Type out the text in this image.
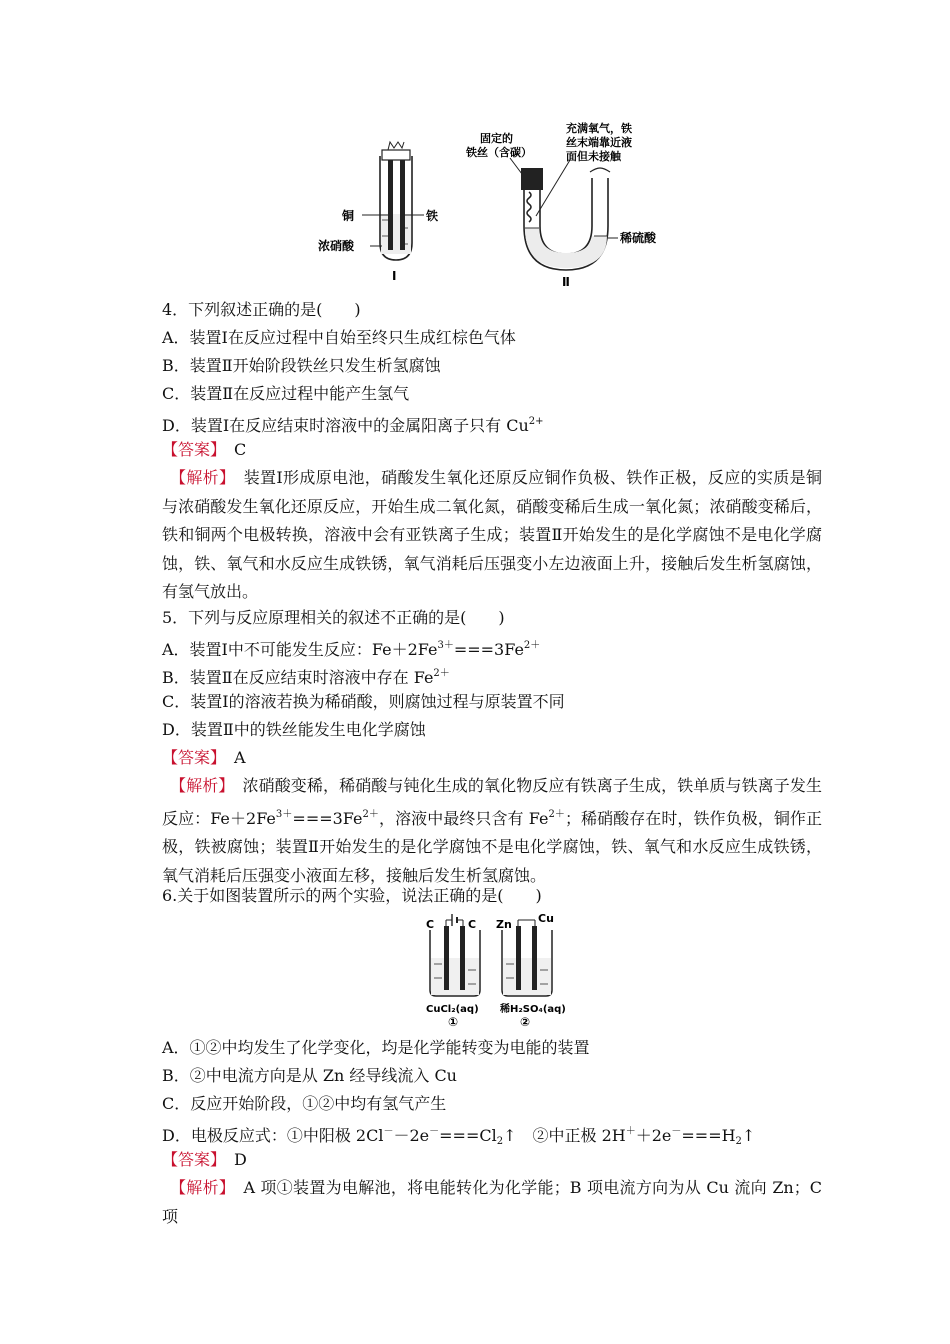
铜	铁
浓硝酸
Ⅰ
固定的
铁丝（含碳）
充满氧气，铁
丝末端靠近液
面但未接触
稀硫酸
Ⅱ
4．下列叙述正确的是(　　)
A．装置Ⅰ在反应过程中自始至终只生成红棕色气体
B．装置Ⅱ开始阶段铁丝只发生析氢腐蚀
C．装置Ⅱ在反应过程中能产生氢气
D．装置Ⅰ在反应结束时溶液中的金属阳离子只有 $Cu^{2+}$
【答案】　 C
【解析】　 装置Ⅰ形成原电池，硝酸发生氧化还原反应铜作负极、铁作正极，反应的实质是铜与浓硝酸发生氧化还原反应，开始生成二氧化氮，硝酸变稀后生成一氧化氮；浓硝酸变稀后，铁和铜两个电极转换，溶液中会有亚铁离子生成；装置Ⅱ开始发生的是化学腐蚀不是电化学腐蚀，铁、氧气和水反应生成铁锈，氧气消耗后压强变小左边液面上升，接触后发生析氢腐蚀，有氢气放出。
5．下列与反应原理相关的叙述不正确的是(　　)
A．装置Ⅰ中不可能发生反应：$Fe+2Fe^{3+}===3Fe^{2+}$
B．装置Ⅱ在反应结束时溶液中存在 $Fe^{2+}$
C．装置Ⅰ的溶液若换为稀硝酸，则腐蚀过程与原装置不同
D．装置Ⅱ中的铁丝能发生电化学腐蚀
【答案】　 A
【解析】　 浓硝酸变稀，稀硝酸与钝化生成的氧化物反应有铁离子生成，铁单质与铁离子发生反应：$Fe+2Fe^{3+}===3Fe^{2+}$，溶液中最终只含有 $Fe^{2+}$；稀硝酸存在时，铁作负极，铜作正极，铁被腐蚀；装置Ⅱ开始发生的是化学腐蚀不是电化学腐蚀，铁、氧气和水反应生成铁锈，氧气消耗后压强变小液面左移，接触后发生析氢腐蚀。
6.关于如图装置所示的两个实验，说法正确的是(　　)
C	C
CuCl₂(aq)
①
Zn Cu
稀H₂SO₄(aq)
②
A．①②中均发生了化学变化，均是化学能转变为电能的装置
B．②中电流方向是从 Zn 经导线流入 Cu
C．反应开始阶段，①②中均有氢气产生
D．电极反应式：①中阳极 $2Cl^--2e^-===Cl_2↑$　②中正极 $2H^++2e^-===H_2↑$
【答案】　 D
【解析】　 A 项①装置为电解池，将电能转化为化学能；B 项电流方向为从 Cu 流向 Zn；C 项
